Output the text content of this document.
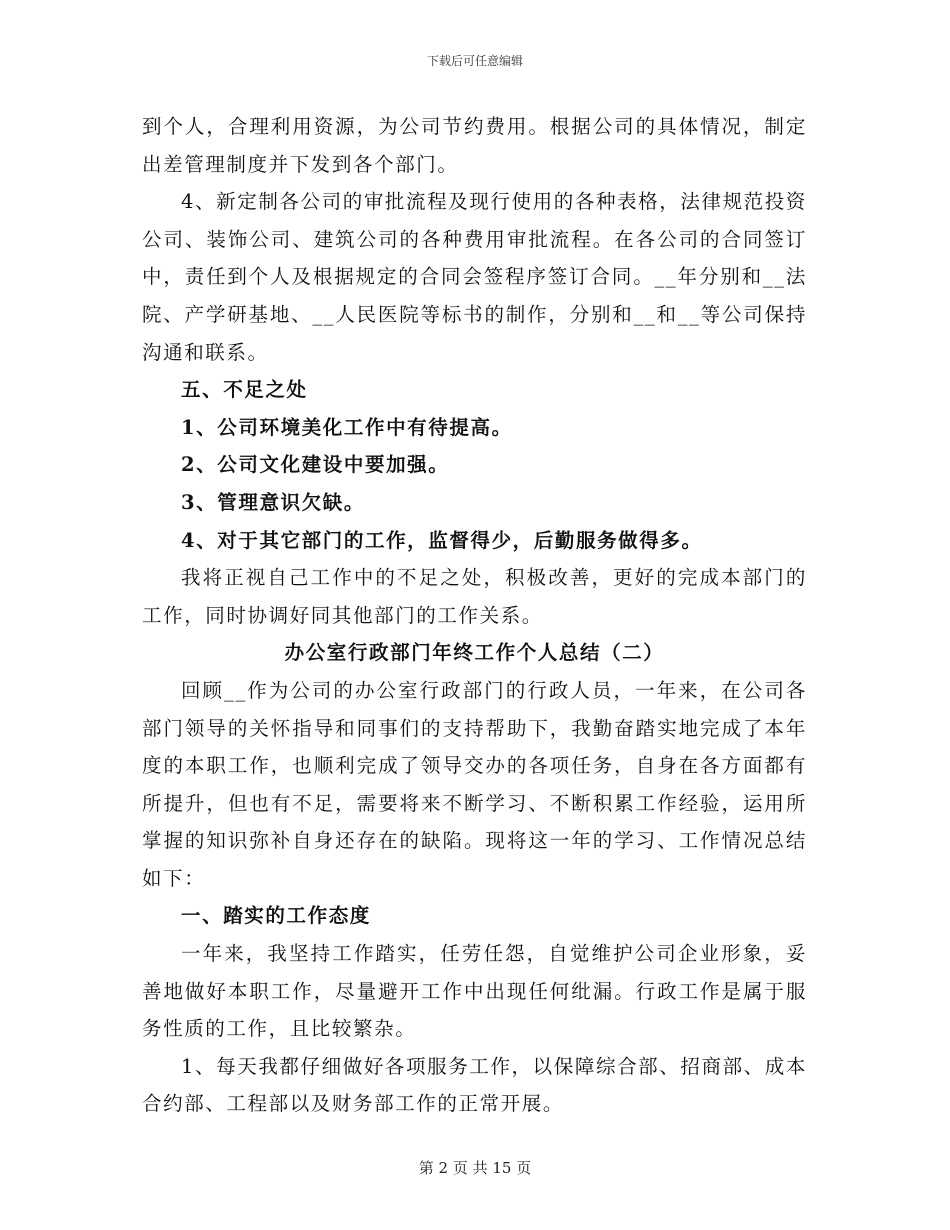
下载后可任意编辑

到个人，合理利用资源，为公司节约费用。根据公司的具体情况，制定出差管理制度并下发到各个部门。

4、新定制各公司的审批流程及现行使用的各种表格，法律规范投资公司、装饰公司、建筑公司的各种费用审批流程。在各公司的合同签订中，责任到个人及根据规定的合同会签程序签订合同。__年分别和__法院、产学研基地、__人民医院等标书的制作，分别和__和__等公司保持沟通和联系。

五、不足之处

1、公司环境美化工作中有待提高。

2、公司文化建设中要加强。

3、管理意识欠缺。

4、对于其它部门的工作，监督得少，后勤服务做得多。

我将正视自己工作中的不足之处，积极改善，更好的完成本部门的工作，同时协调好同其他部门的工作关系。

办公室行政部门年终工作个人总结（二）

回顾__作为公司的办公室行政部门的行政人员，一年来，在公司各部门领导的关怀指导和同事们的支持帮助下，我勤奋踏实地完成了本年度的本职工作，也顺利完成了领导交办的各项任务，自身在各方面都有所提升，但也有不足，需要将来不断学习、不断积累工作经验，运用所掌握的知识弥补自身还存在的缺陷。现将这一年的学习、工作情况总结如下：

一、踏实的工作态度

一年来，我坚持工作踏实，任劳任怨，自觉维护公司企业形象，妥善地做好本职工作，尽量避开工作中出现任何纰漏。行政工作是属于服务性质的工作，且比较繁杂。

1、每天我都仔细做好各项服务工作，以保障综合部、招商部、成本合约部、工程部以及财务部工作的正常开展。

第 2 页 共 15 页
